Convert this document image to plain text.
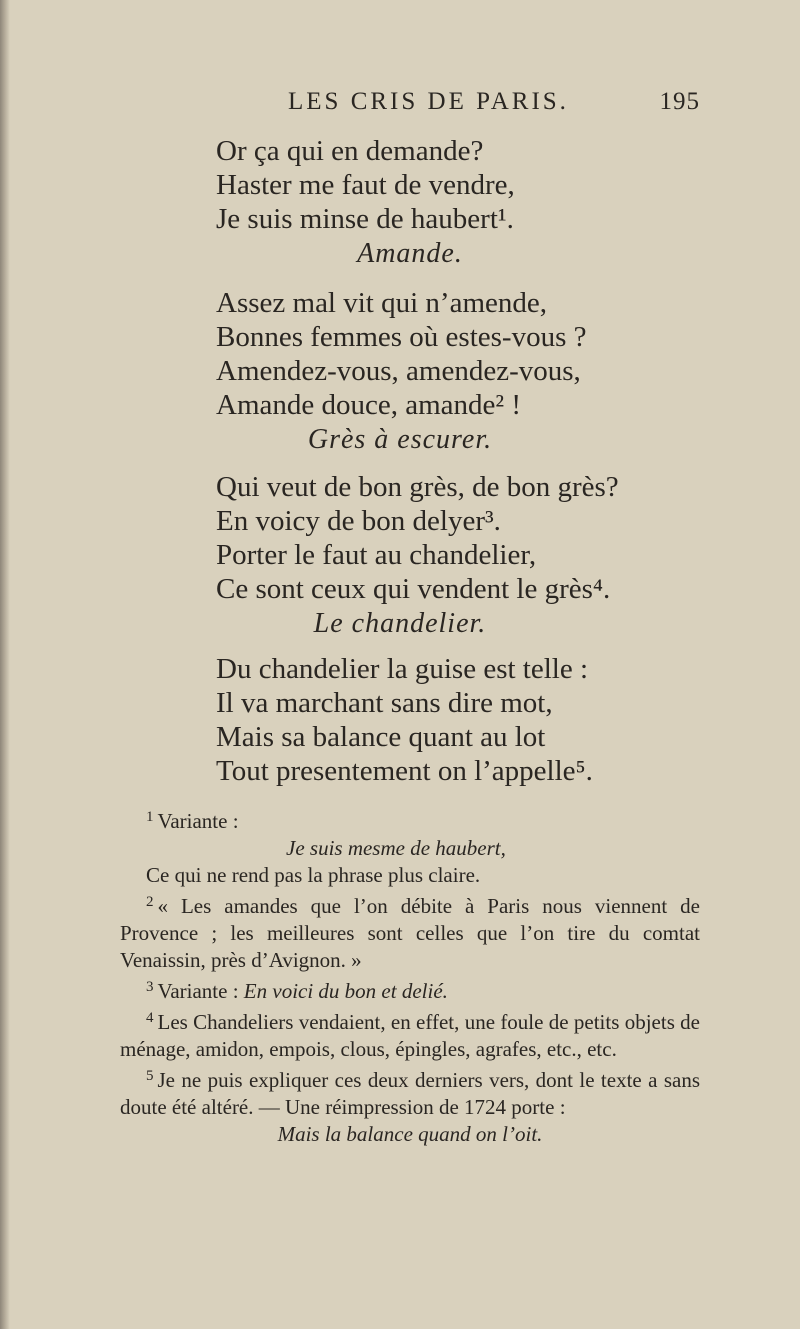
LES CRIS DE PARIS.	195
Or ça qui en demande?
Haster me faut de vendre,
Je suis minse de haubert¹.
Amande.
Assez mal vit qui n’amende,
Bonnes femmes où estes-vous ?
Amendez-vous, amendez-vous,
Amande douce, amande² !
Grès à escurer.
Qui veut de bon grès, de bon grès?
En voicy de bon delyer³.
Porter le faut au chandelier,
Ce sont ceux qui vendent le grès⁴.
Le chandelier.
Du chandelier la guise est telle :
Il va marchant sans dire mot,
Mais sa balance quant au lot
Tout presentement on l’appelle⁵.

$^1$ Variante :

Je suis mesme de haubert,

Ce qui ne rend pas la phrase plus claire.

$^2$ « Les amandes que l’on débite à Paris nous viennent de Provence ; les meilleures sont celles que l’on tire du comtat Venaissin, près d’Avignon. »

$^3$ Variante : En voici du bon et delié.

$^4$ Les Chandeliers vendaient, en effet, une foule de petits objets de ménage, amidon, empois, clous, épingles, agrafes, etc., etc.

$^5$ Je ne puis expliquer ces deux derniers vers, dont le texte a sans doute été altéré. — Une réimpression de 1724 porte :

Mais la balance quand on l’oit.
